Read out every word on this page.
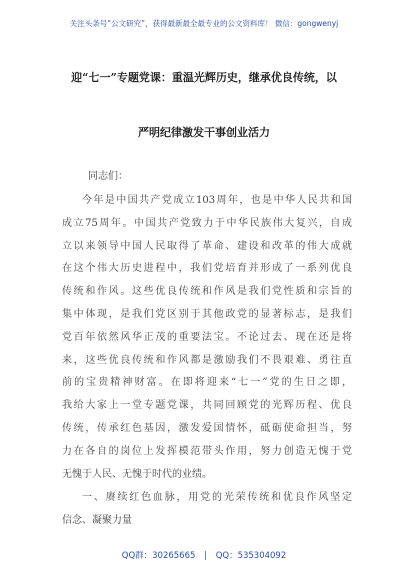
关注头条号“公文研究”，获得最新最全最专业的公文资料库！ 微信：gongwenyj
迎“七一”专题党课：重温光辉历史，继承优良传统，以
严明纪律激发干事创业活力
同志们：
今年是中国共产党成立103周年，也是中华人民共和国
成立75周年。中国共产党致力于中华民族伟大复兴，自成
立以来领导中国人民取得了革命、建设和改革的伟大成就
在这个伟大历史进程中，我们党培育并形成了一系列优良
传统和作风。这些优良传统和作风是我们党性质和宗旨的
集中体现，是我们党区别于其他政党的显著标志，是我们
党百年依然风华正茂的重要法宝。不论过去、现在还是将
来，这些优良传统和作风都是激励我们不畏艰难、勇往直
前的宝贵精神财富。在即将迎来“七一”党的生日之即，
我给大家上一堂专题党课，共同回顾党的光辉历程、优良
传统，传承红色基因，激发爱国情怀，砥砺使命担当，努
力在各自的岗位上发挥模范带头作用，努力创造无愧于党
无愧于人民、无愧于时代的业绩。
一、赓续红色血脉，用党的光荣传统和优良作风坚定
信念、凝聚力量
QQ群：30265665 | QQ：535304092
